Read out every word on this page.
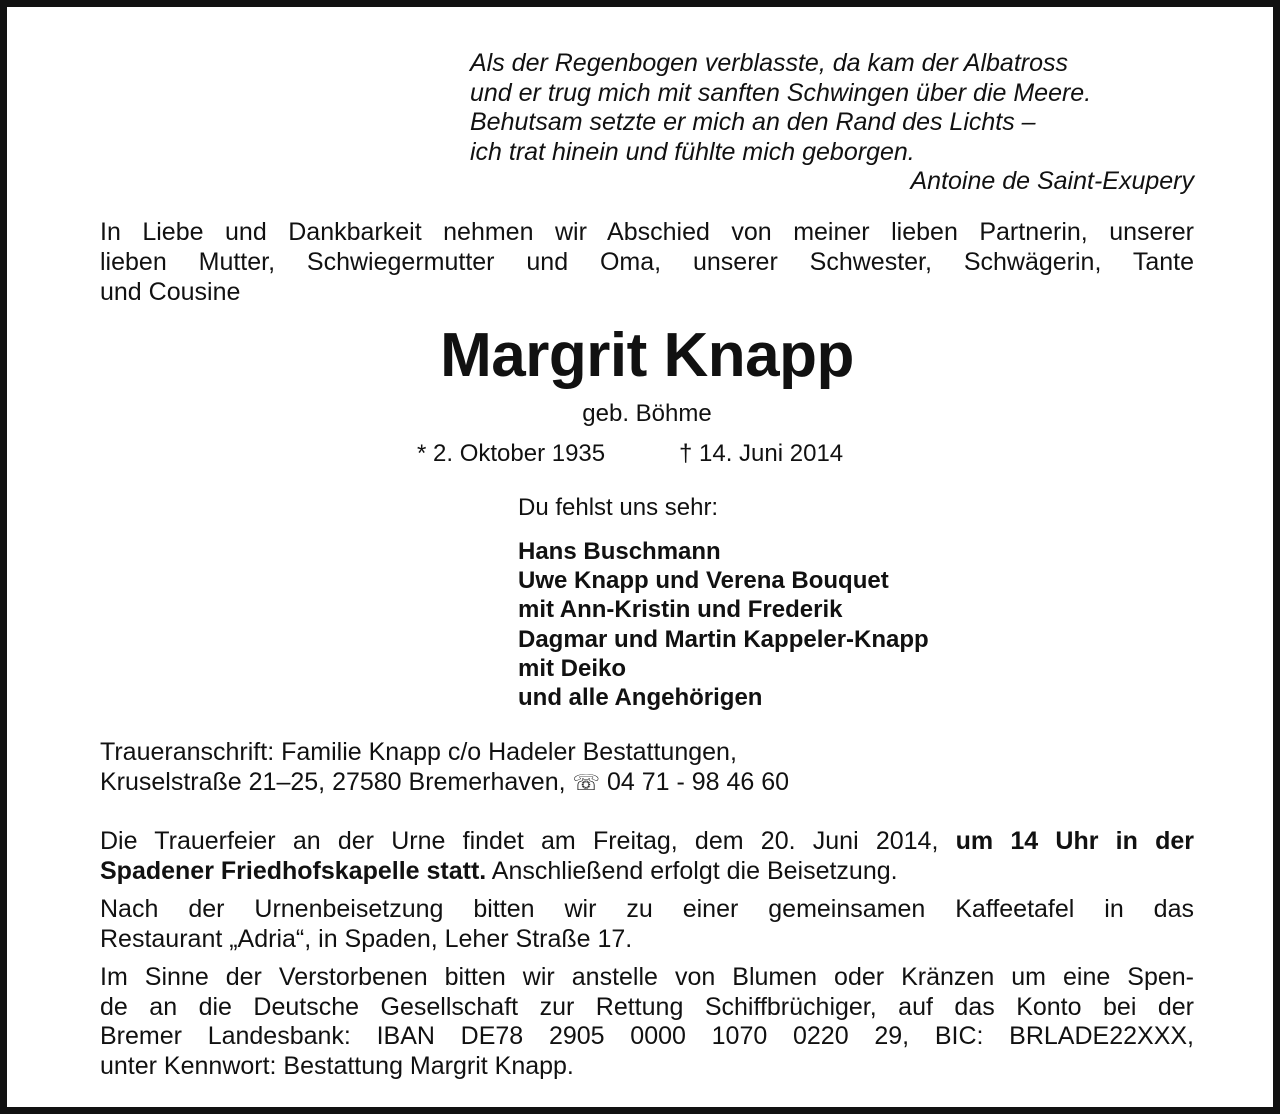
Als der Regenbogen verblasste, da kam der Albatross
und er trug mich mit sanften Schwingen über die Meere.
Behutsam setzte er mich an den Rand des Lichts –
ich trat hinein und fühlte mich geborgen.
Antoine de Saint-Exupery
In Liebe und Dankbarkeit nehmen wir Abschied von meiner lieben Partnerin, unserer
lieben Mutter, Schwiegermutter und Oma, unserer Schwester, Schwägerin, Tante
und Cousine
Margrit Knapp
geb. Böhme
* 2. Oktober 1935	† 14. Juni 2014
Du fehlst uns sehr:
Hans Buschmann
Uwe Knapp und Verena Bouquet
mit Ann-Kristin und Frederik
Dagmar und Martin Kappeler-Knapp
mit Deiko
und alle Angehörigen
Traueranschrift: Familie Knapp c/o Hadeler Bestattungen,
Kruselstraße 21–25, 27580 Bremerhaven, ☏ 04 71 - 98 46 60
Die Trauerfeier an der Urne findet am Freitag, dem 20. Juni 2014, um 14 Uhr in der
Spadener Friedhofskapelle statt. Anschließend erfolgt die Beisetzung.
Nach der Urnenbeisetzung bitten wir zu einer gemeinsamen Kaffeetafel in das
Restaurant „Adria“, in Spaden, Leher Straße 17.
Im Sinne der Verstorbenen bitten wir anstelle von Blumen oder Kränzen um eine Spen-
de an die Deutsche Gesellschaft zur Rettung Schiffbrüchiger, auf das Konto bei der
Bremer Landesbank: IBAN DE78 2905 0000 1070 0220 29, BIC: BRLADE22XXX,
unter Kennwort: Bestattung Margrit Knapp.
